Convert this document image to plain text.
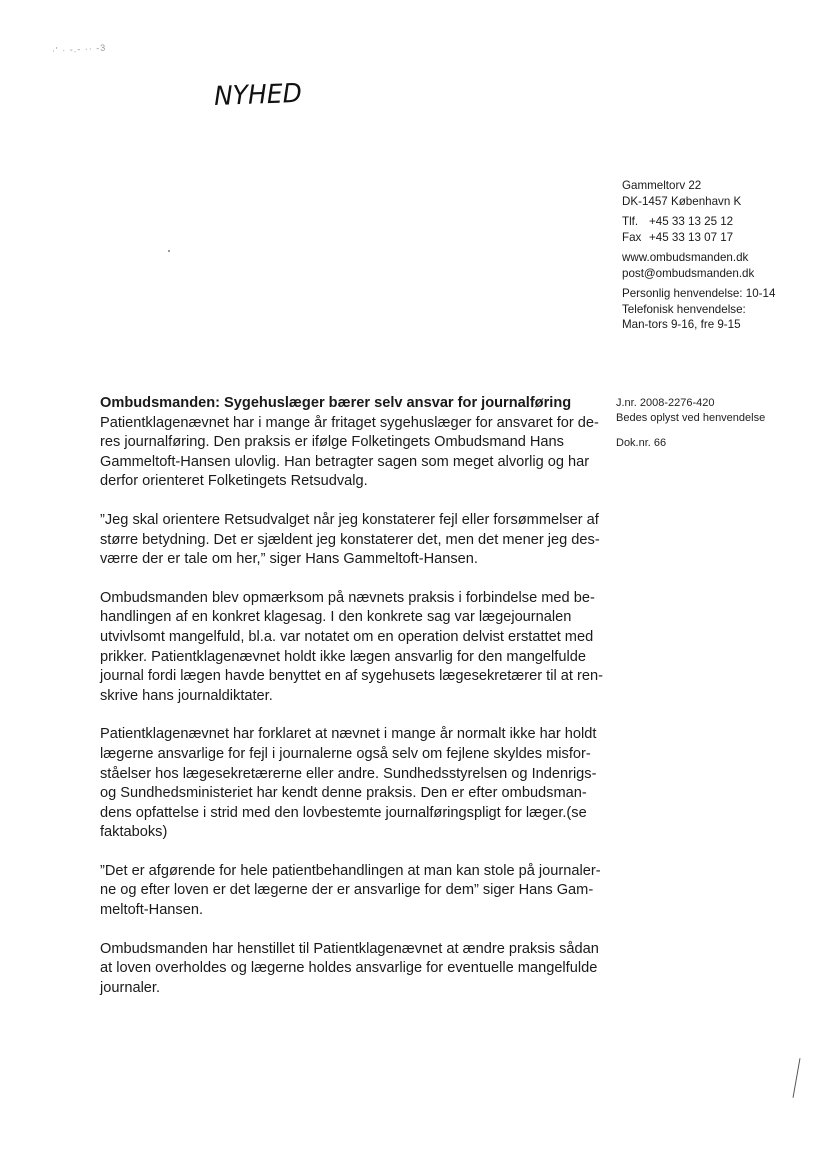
·' · -.- ·· -3
NYHED
Gammeltorv 22
DK-1457 København K
Tlf. +45 33 13 25 12
Fax +45 33 13 07 17
www.ombudsmanden.dk
post@ombudsmanden.dk
Personlig henvendelse: 10-14
Telefonisk henvendelse:
Man-tors 9-16, fre 9-15
J.nr. 2008-2276-420
Bedes oplyst ved henvendelse
Dok.nr. 66
Ombudsmanden: Sygehuslæger bærer selv ansvar for journalføring

Patientklagenævnet har i mange år fritaget sygehuslæger for ansvaret for de-
res journalføring. Den praksis er ifølge Folketingets Ombudsmand Hans
Gammeltoft-Hansen ulovlig. Han betragter sagen som meget alvorlig og har
derfor orienteret Folketingets Retsudvalg.

”Jeg skal orientere Retsudvalget når jeg konstaterer fejl eller forsømmelser af
større betydning. Det er sjældent jeg konstaterer det, men det mener jeg des-
værre der er tale om her,” siger Hans Gammeltoft-Hansen.

Ombudsmanden blev opmærksom på nævnets praksis i forbindelse med be-
handlingen af en konkret klagesag. I den konkrete sag var lægejournalen
utvivlsomt mangelfuld, bl.a. var notatet om en operation delvist erstattet med
prikker. Patientklagenævnet holdt ikke lægen ansvarlig for den mangelfulde
journal fordi lægen havde benyttet en af sygehusets lægesekretærer til at ren-
skrive hans journaldiktater.

Patientklagenævnet har forklaret at nævnet i mange år normalt ikke har holdt
lægerne ansvarlige for fejl i journalerne også selv om fejlene skyldes misfor-
ståelser hos lægesekretærerne eller andre. Sundhedsstyrelsen og Indenrigs-
og Sundhedsministeriet har kendt denne praksis. Den er efter ombudsman-
dens opfattelse i strid med den lovbestemte journalføringspligt for læger.(se
faktaboks)

”Det er afgørende for hele patientbehandlingen at man kan stole på journaler-
ne og efter loven er det lægerne der er ansvarlige for dem” siger Hans Gam-
meltoft-Hansen.

Ombudsmanden har henstillet til Patientklagenævnet at ændre praksis sådan
at loven overholdes og lægerne holdes ansvarlige for eventuelle mangelfulde
journaler.
